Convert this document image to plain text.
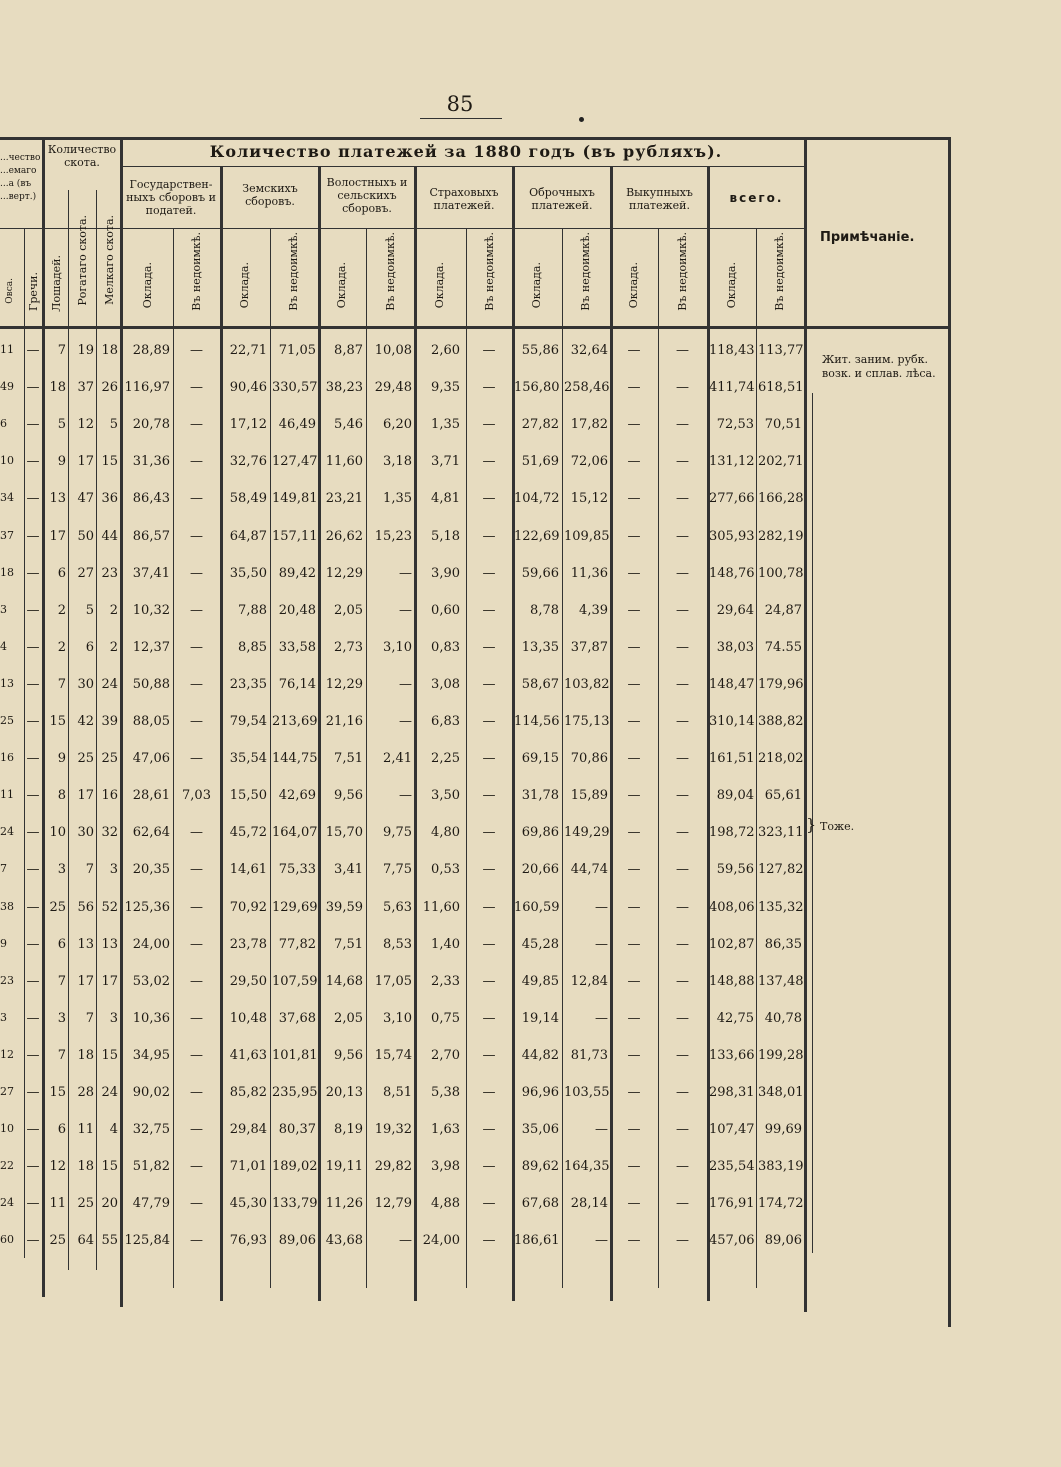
85
Количество платежей за 1880 годъ (въ рубляхъ).
...чество ...емаго ...а (въ ...верт.)
Количество скота.
Государствен-ныхъ сборовъ и податей.
Земскихъ сборовъ.
Волостныхъ и сельскихъ сборовъ.
Страховыхъ платежей.
Оброчныхъ платежей.
Выкупныхъ платежей.
всего.
Примѣчаніе.
Овса. Гречи. Лошадей. Рогатаго скота. Мелкаго скота. Оклада.	Въ недоимкѣ.	Оклада.	Въ недоимкѣ.	Оклада.	Въ недоимкѣ.	Оклада.	Въ недоимкѣ.	Оклада.	Въ недоимкѣ.	Оклада.	Въ недоимкѣ.	Оклада.	Въ недоимкѣ.
11 —	7 19 18	28,89	—	22,71 71,05	8,87 10,08	2,60	—	55,86 32,64	—	—	118,43 113,77
49 — 18 37 26 116,97	—	90,46 330,57 38,23 29,48	9,35	—	156,80 258,46	—	—	411,74 618,51
6	—	5 12	5	20,78	—	17,12 46,49	5,46	6,20	1,35	—	27,82 17,82	—	—	72,53 70,51
10 —	9 17 15	31,36	—	32,76 127,47 11,60	3,18	3,71	—	51,69 72,06	—	—	131,12 202,71
34 — 13 47 36	86,43	—	58,49 149,81 23,21	1,35	4,81	—	104,72 15,12	—	—	277,66 166,28
37 — 17 50 44	86,57	—	64,87 157,11 26,62 15,23	5,18	—	122,69 109,85	—	—	305,93 282,19
18 —	6 27 23	37,41	—	35,50 89,42 12,29	—	3,90	—	59,66 11,36	—	—	148,76 100,78
3	—	2	5	2	10,32	—	7,88 20,48	2,05	—	0,60	—	8,78	4,39	—	—	29,64 24,87
4	—	2	6	2	12,37	—	8,85 33,58	2,73	3,10	0,83	—	13,35 37,87	—	—	38,03 74.55
13 —	7 30 24	50,88	—	23,35 76,14 12,29	—	3,08	—	58,67 103,82	—	—	148,47 179,96
25 — 15 42 39	88,05	—	79,54 213,69 21,16	—	6,83	—	114,56 175,13	—	—	310,14 388,82
16 —	9 25 25	47,06	—	35,54 144,75	7,51	2,41	2,25	—	69,15 70,86	—	—	161,51 218,02
11 —	8 17 16	28,61 7,03	15,50 42,69	9,56	—	3,50	—	31,78 15,89	—	—	89,04 65,61
24 — 10 30 32	62,64	—	45,72 164,07 15,70	9,75	4,80	—	69,86 149,29	—	—	198,72 323,11
7	—	3	7	3	20,35	—	14,61 75,33	3,41	7,75	0,53	—	20,66 44,74	—	—	59,56 127,82
38 — 25 56 52 125,36	—	70,92 129,69 39,59	5,63 11,60	—	160,59	—	—	—	408,06 135,32
9	—	6 13 13	24,00	—	23,78 77,82	7,51	8,53	1,40	—	45,28	—	—	—	102,87 86,35
23 —	7 17 17	53,02	—	29,50 107,59 14,68 17,05	2,33	—	49,85 12,84	—	—	148,88 137,48
3	—	3	7	3	10,36	—	10,48 37,68	2,05	3,10	0,75	—	19,14	—	—	—	42,75 40,78
12 —	7 18 15	34,95	—	41,63 101,81	9,56 15,74	2,70	—	44,82 81,73	—	—	133,66 199,28
27 — 15 28 24	90,02	—	85,82 235,95 20,13	8,51	5,38	—	96,96 103,55	—	—	298,31 348,01
10 —	6 11	4	32,75	—	29,84 80,37	8,19 19,32	1,63	—	35,06	—	—	—	107,47 99,69
22 — 12 18 15	51,82	—	71,01 189,02 19,11 29,82	3,98	—	89,62 164,35	—	—	235,54 383,19
24 — 11 25 20	47,79	—	45,30 133,79 11,26 12,79	4,88	—	67,68 28,14	—	—	176,91 174,72
60 — 25 64 55 125,84	—	76,93 89,06 43,68	— 24,00	—	186,61	—	—	—	457,06 89,06
Жит. заним. рубк. возк. и сплав. лѣса.
} Тоже.
